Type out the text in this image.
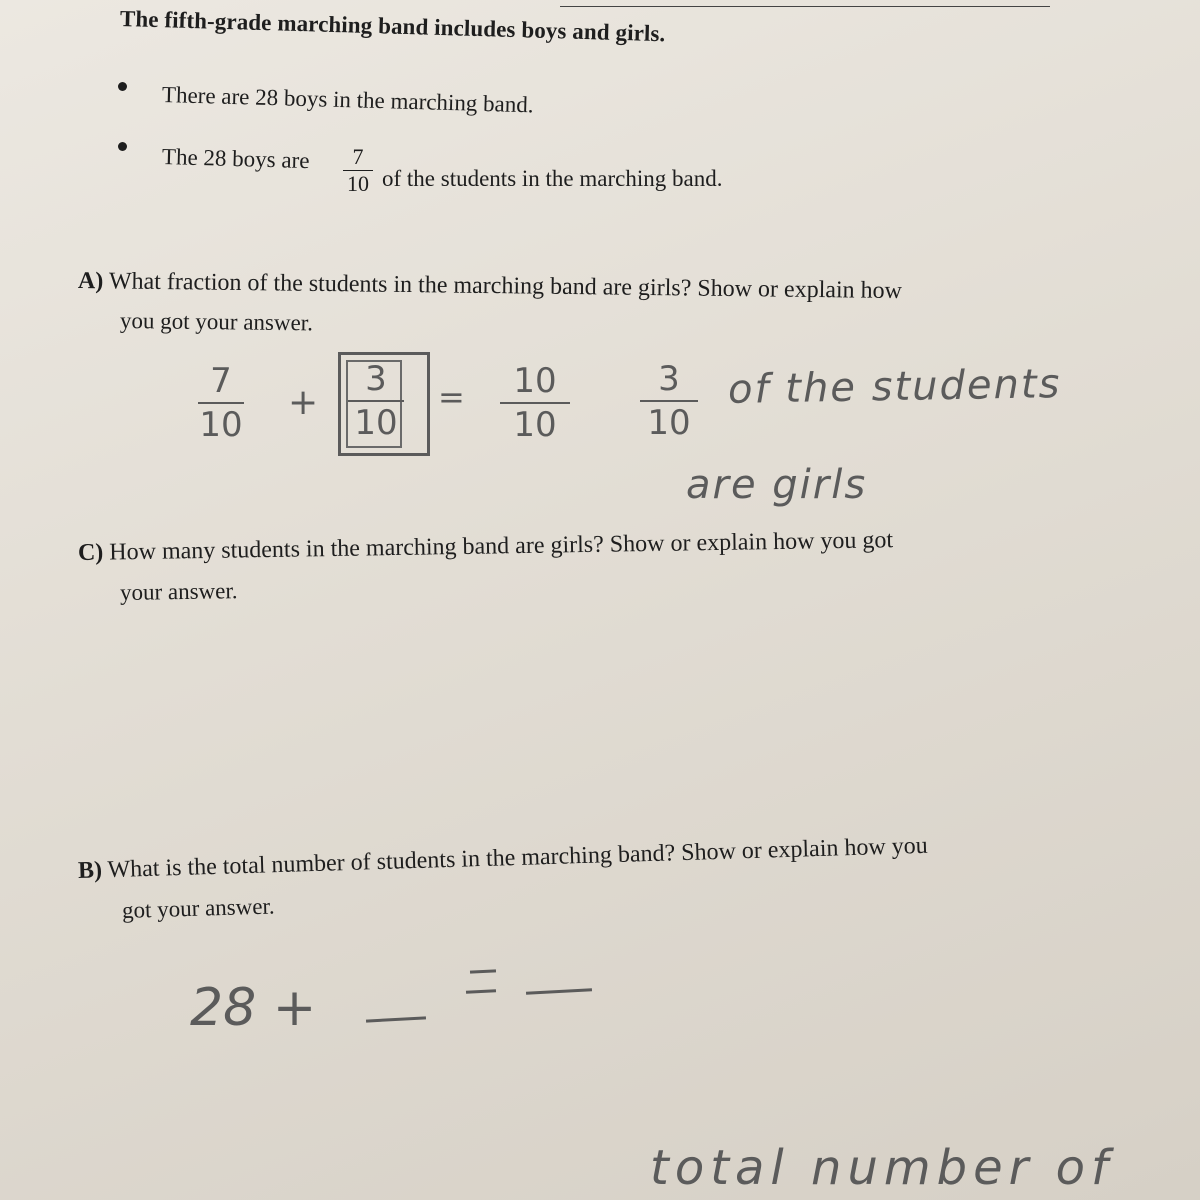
The fifth-grade marching band includes boys and girls.
There are 28 boys in the marching band.
The 28 boys are	7
10 of the students in the marching band.
A) What fraction of the students in the marching band are girls? Show or explain how
you got your answer.
7
10
+
3
10
=	10
10
3
10
of the students
are girls
C) How many students in the marching band are girls? Show or explain how you got
your answer.
B) What is the total number of students in the marching band? Show or explain how you
got your answer.
28 +
total number of
